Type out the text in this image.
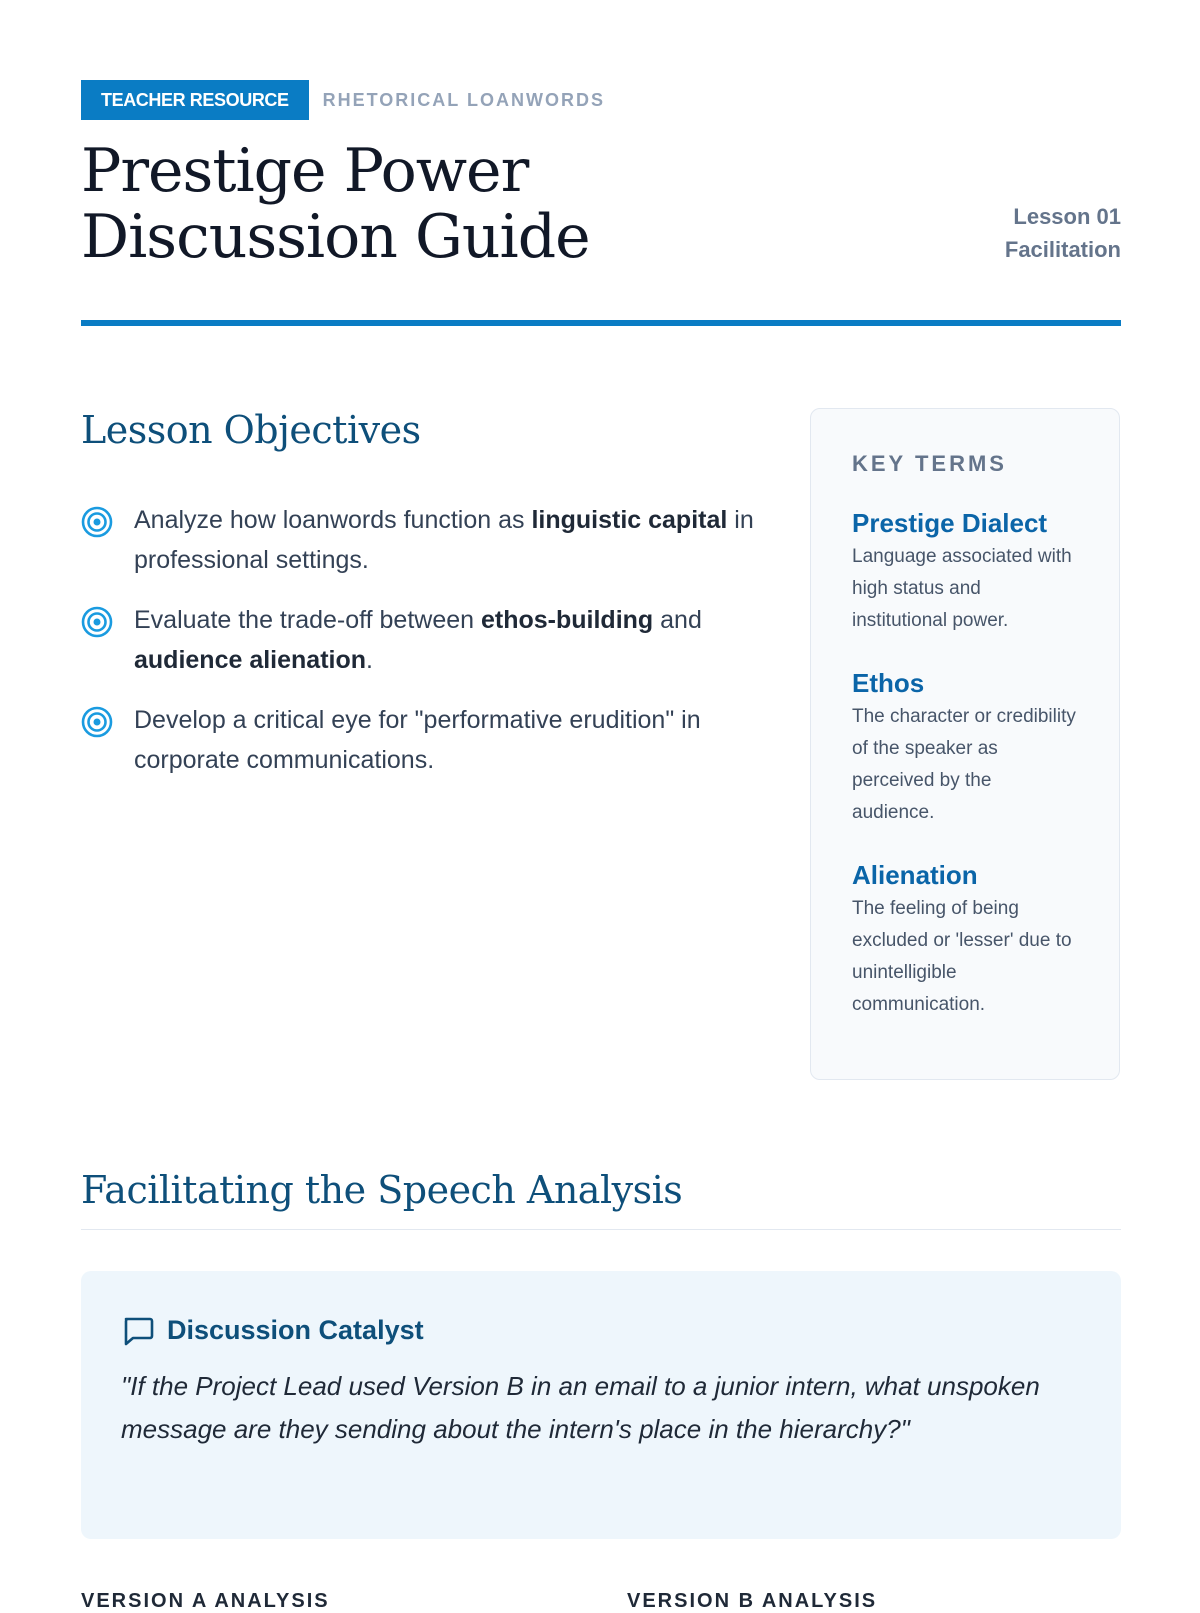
TEACHER RESOURCE	RHETORICAL LOANWORDS
Prestige Power Discussion Guide	Lesson 01
Facilitation
Lesson Objectives
Analyze how loanwords function as linguistic capital in professional settings.
Evaluate the trade-off between ethos-building and audience alienation.
Develop a critical eye for "performative erudition" in corporate communications.
KEY TERMS
Prestige Dialect
Language associated with high status and institutional power.
Ethos
The character or credibility of the speaker as perceived by the audience.
Alienation
The feeling of being excluded or 'lesser' due to unintelligible communication.
Facilitating the Speech Analysis
Discussion Catalyst
"If the Project Lead used Version B in an email to a junior intern, what unspoken message are they sending about the intern's place in the hierarchy?"
VERSION A ANALYSIS	VERSION B ANALYSIS
